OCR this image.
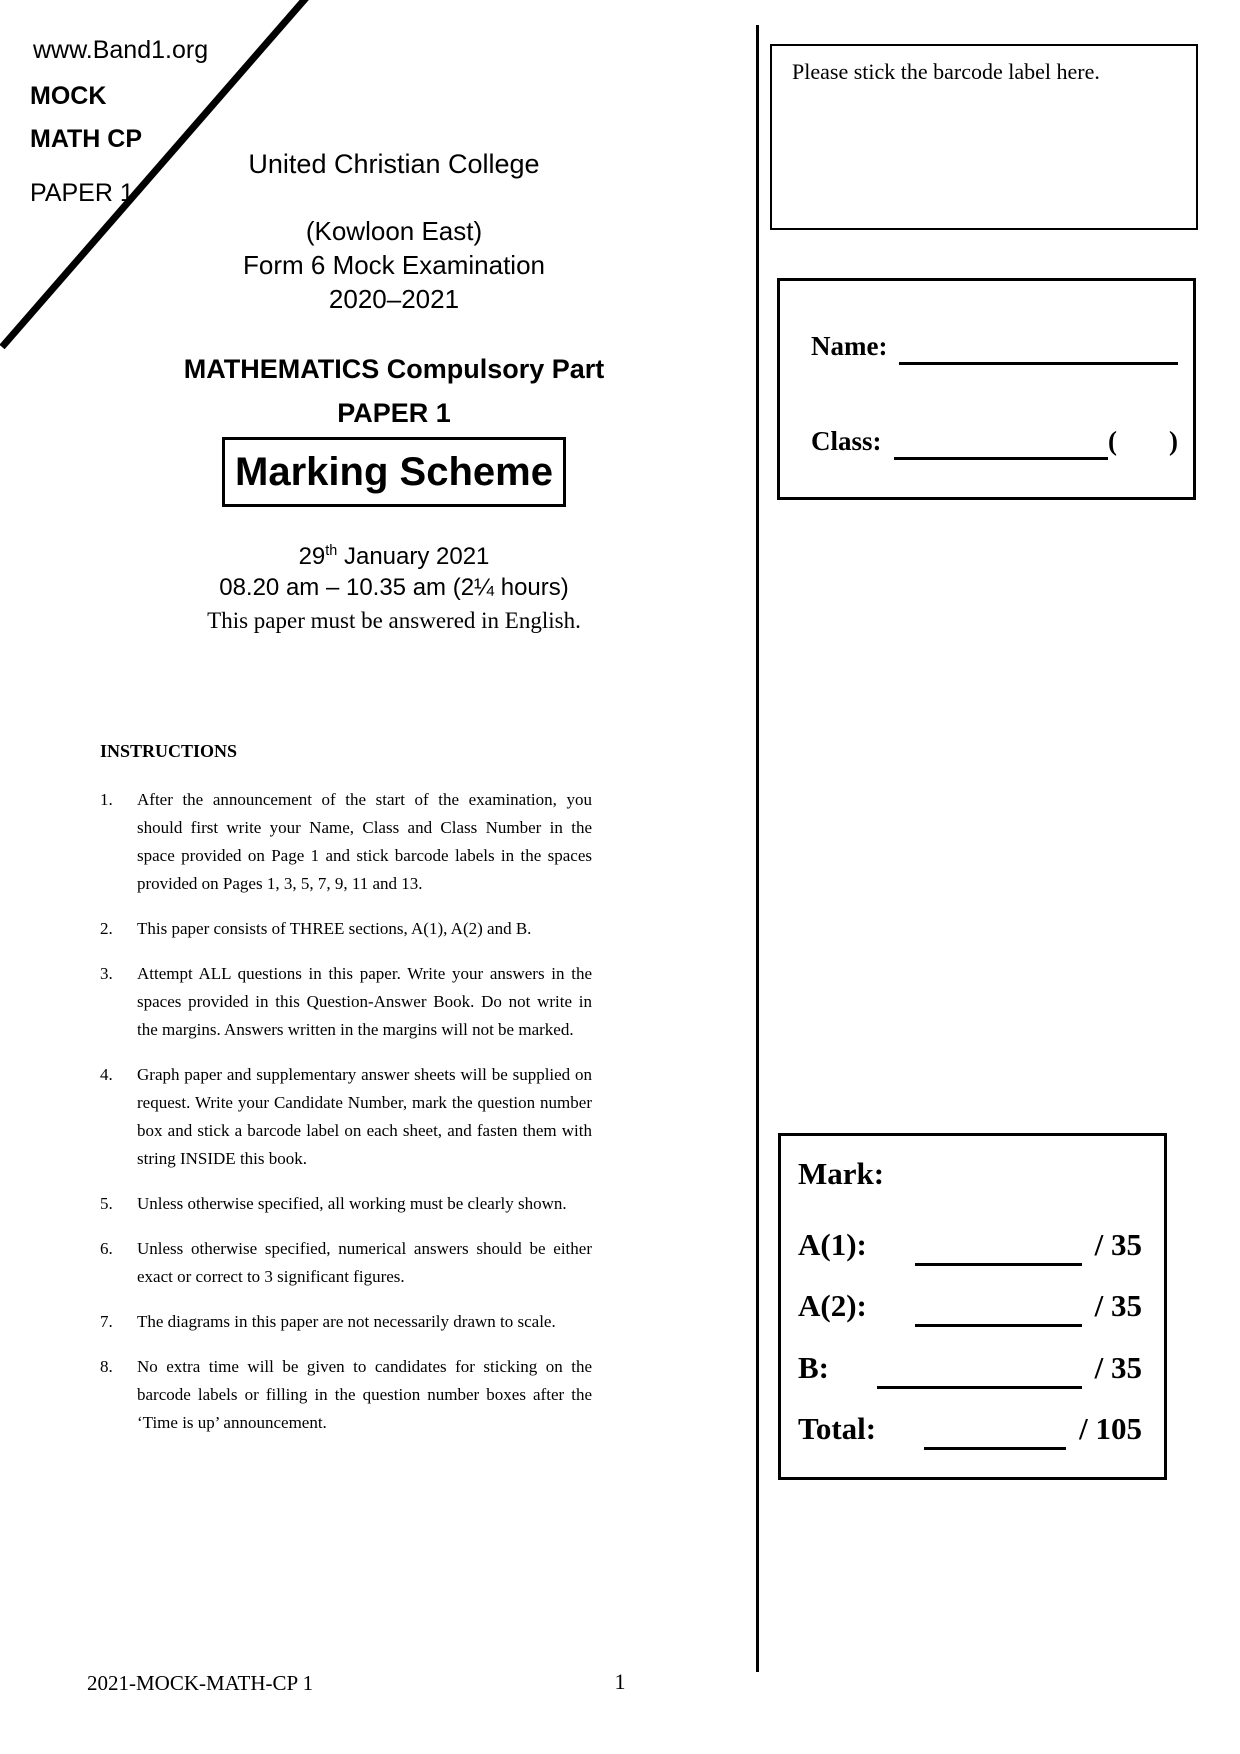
www.Band1.org
MOCK
MATH CP
PAPER 1
United Christian College
(Kowloon East)
Form 6 Mock Examination
2020–2021
MATHEMATICS Compulsory Part
PAPER 1
Marking Scheme
29th January 2021
08.20 am – 10.35 am (2¼ hours)
This paper must be answered in English.
Please stick the barcode label here.
Name:
Class:	( )
INSTRUCTIONS
1. After the announcement of the start of the examination, you should first write your Name, Class and Class Number in the space provided on Page 1 and stick barcode labels in the spaces provided on Pages 1, 3, 5, 7, 9, 11 and 13.
2. This paper consists of THREE sections, A(1), A(2) and B.
3. Attempt ALL questions in this paper. Write your answers in the spaces provided in this Question-Answer Book. Do not write in the margins. Answers written in the margins will not be marked.
4. Graph paper and supplementary answer sheets will be supplied on request. Write your Candidate Number, mark the question number box and stick a barcode label on each sheet, and fasten them with string INSIDE this book.
5. Unless otherwise specified, all working must be clearly shown.
6. Unless otherwise specified, numerical answers should be either exact or correct to 3 significant figures.
7. The diagrams in this paper are not necessarily drawn to scale.
8. No extra time will be given to candidates for sticking on the barcode labels or filling in the question number boxes after the ‘Time is up’ announcement.
Mark:
A(1):	/ 35
A(2):	/ 35
B:	/ 35
Total:	/ 105
2021-MOCK-MATH-CP 1	1
